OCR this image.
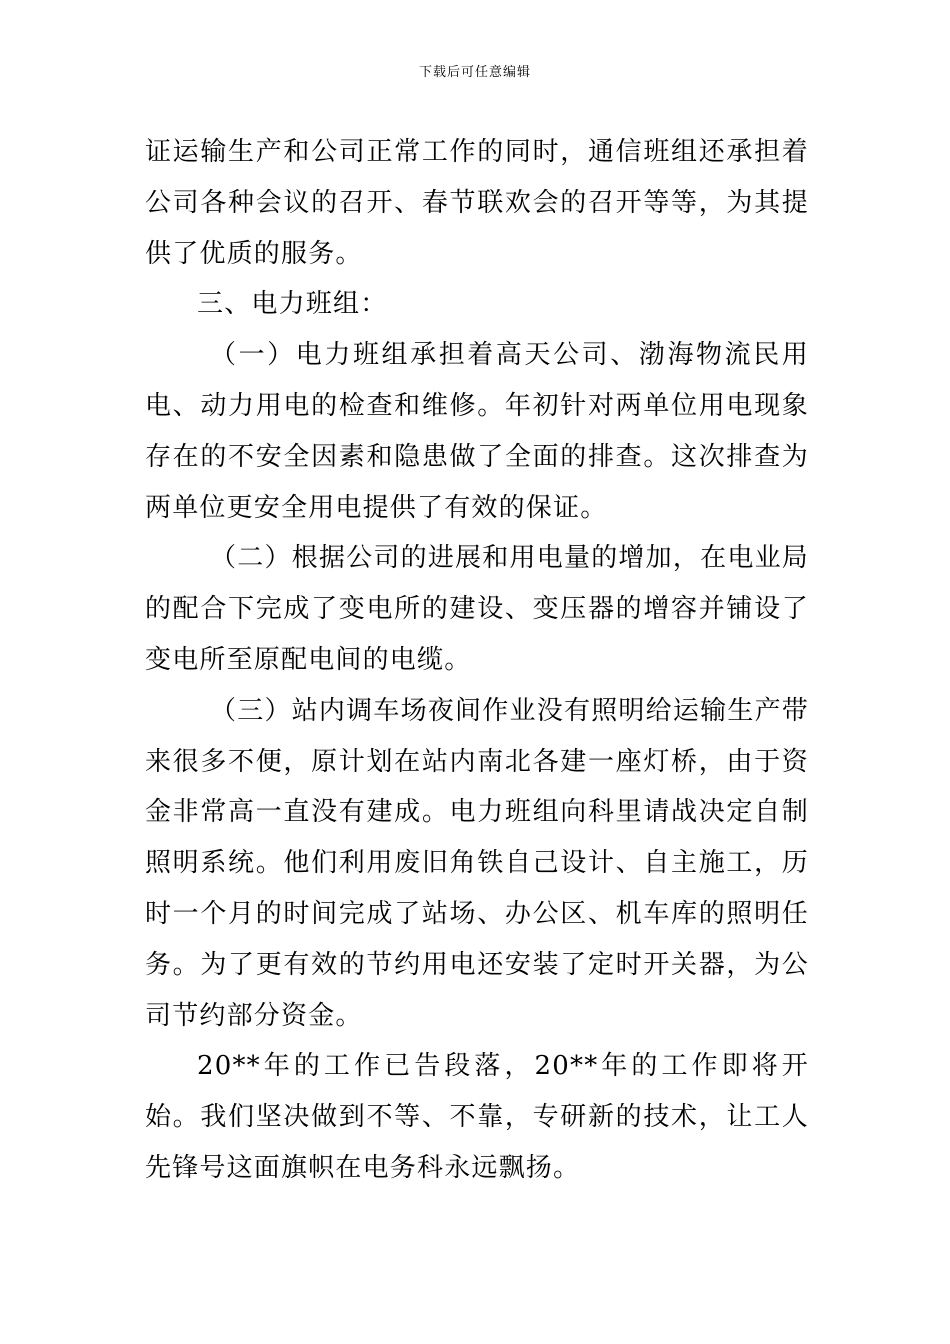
下载后可任意编辑

证运输生产和公司正常工作的同时，通信班组还承担着公司各种会议的召开、春节联欢会的召开等等，为其提供了优质的服务。

三、电力班组：

（一）电力班组承担着高天公司、渤海物流民用电、动力用电的检查和维修。年初针对两单位用电现象存在的不安全因素和隐患做了全面的排查。这次排查为两单位更安全用电提供了有效的保证。

（二）根据公司的进展和用电量的增加，在电业局的配合下完成了变电所的建设、变压器的增容并铺设了变电所至原配电间的电缆。

（三）站内调车场夜间作业没有照明给运输生产带来很多不便，原计划在站内南北各建一座灯桥，由于资金非常高一直没有建成。电力班组向科里请战决定自制照明系统。他们利用废旧角铁自己设计、自主施工，历时一个月的时间完成了站场、办公区、机车库的照明任务。为了更有效的节约用电还安装了定时开关器，为公司节约部分资金。

20**年的工作已告段落，20**年的工作即将开始。我们坚决做到不等、不靠，专研新的技术，让工人先锋号这面旗帜在电务科永远飘扬。
